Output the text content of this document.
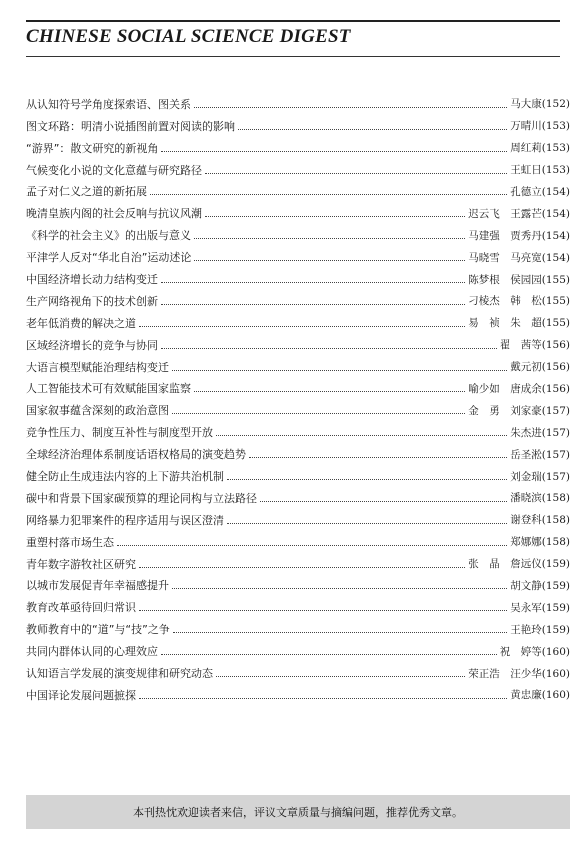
CHINESE SOCIAL SCIENCE DIGEST
从认知符号学角度探索语、图关系	马大康(152)
图文环路：明清小说插图前置对阅读的影响	万晴川(153)
“游界”：散文研究的新视角	周红莉(153)
气候变化小说的文化意蕴与研究路径	王虹日(153)
孟子对仁义之道的新拓展	孔德立(154)
晚清皇族内阁的社会反响与抗议风潮	迟云飞　王露芒(154)
《科学的社会主义》的出版与意义	马建强　贾秀丹(154)
平津学人反对“华北自治”运动述论	马晓雪　马亮宽(154)
中国经济增长动力结构变迁	陈梦根　侯园园(155)
生产网络视角下的技术创新	刁棱杰　韩　松(155)
老年低消费的解决之道	易　祯　朱　超(155)
区域经济增长的竞争与协同	翟　茜等(156)
大语言模型赋能治理结构变迁	戴元初(156)
人工智能技术可有效赋能国家监察	喻少如　唐成余(156)
国家叙事蕴含深刻的政治意图	金　勇　刘家豪(157)
竞争性压力、制度互补性与制度型开放	朱杰进(157)
全球经济治理体系制度话语权格局的演变趋势	岳圣淞(157)
健全防止生成违法内容的上下游共治机制	刘金瑞(157)
碳中和背景下国家碳预算的理论同构与立法路径	潘晓滨(158)
网络暴力犯罪案件的程序适用与误区澄清	谢登科(158)
重塑村落市场生态	郑娜娜(158)
青年数字游牧社区研究	张　晶　詹远仪(159)
以城市发展促青年幸福感提升	胡文静(159)
教育改革亟待回归常识	吴永军(159)
教师教育中的“道”与“技”之争	王艳玲(159)
共同内群体认同的心理效应	祝　婷等(160)
认知语言学发展的演变规律和研究动态	荣正浩　汪少华(160)
中国译论发展问题摭探	黄忠廉(160)
本刊热忱欢迎读者来信，评议文章质量与摘编问题，推荐优秀文章。
